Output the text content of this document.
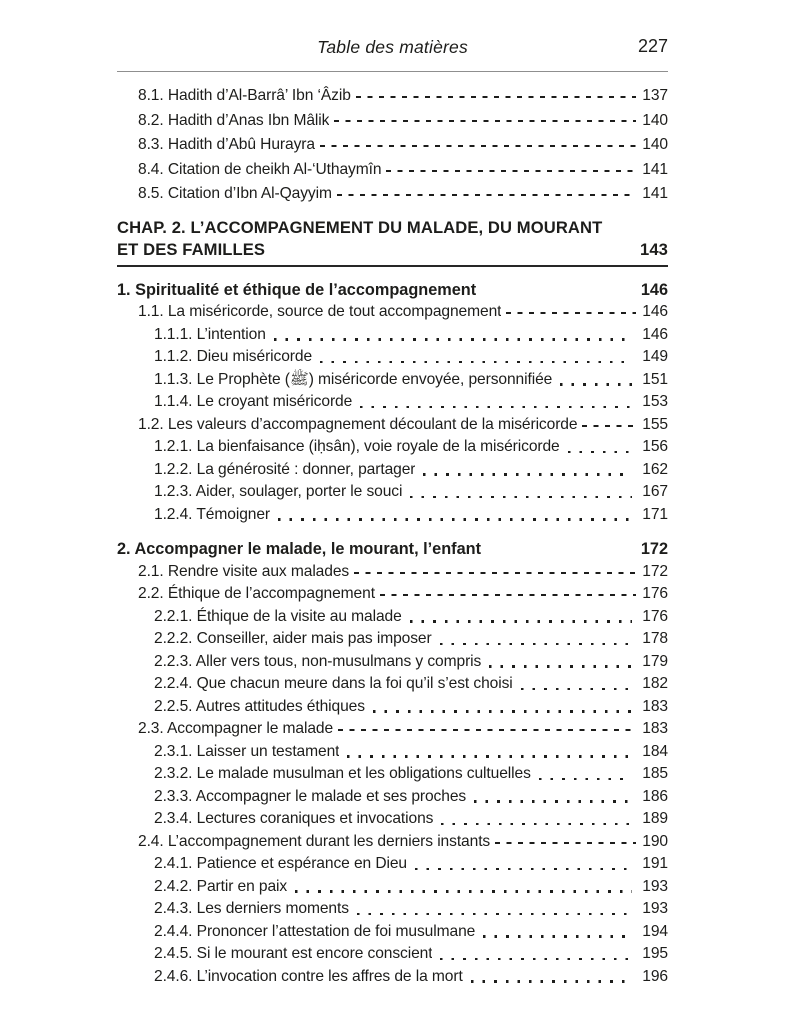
Table des matières	227
8.1. Hadith d’Al-Barrâ’ Ibn ‘Âzib	137
8.2. Hadith d’Anas Ibn Mâlik	140
8.3. Hadith d’Abû Hurayra	140
8.4. Citation de cheikh Al-‘Uthaymîn	141
8.5. Citation d’Ibn Al-Qayyim	141
CHAP. 2. L’ACCOMPAGNEMENT DU MALADE, DU MOURANT
ET DES FAMILLES	143
1. Spiritualité et éthique de l’accompagnement	146
1.1. La miséricorde, source de tout accompagnement	146
1.1.1. L’intention	146
1.1.2. Dieu miséricorde	149
1.1.3. Le Prophète (ﷺ) miséricorde envoyée, personnifiée	151
1.1.4. Le croyant miséricorde	153
1.2. Les valeurs d’accompagnement découlant de la miséricorde	155
1.2.1. La bienfaisance (iḥsân), voie royale de la miséricorde	156
1.2.2. La générosité : donner, partager	162
1.2.3. Aider, soulager, porter le souci	167
1.2.4. Témoigner	171
2. Accompagner le malade, le mourant, l’enfant	172
2.1. Rendre visite aux malades	172
2.2. Éthique de l’accompagnement	176
2.2.1. Éthique de la visite au malade	176
2.2.2. Conseiller, aider mais pas imposer	178
2.2.3. Aller vers tous, non-musulmans y compris	179
2.2.4. Que chacun meure dans la foi qu’il s’est choisi	182
2.2.5. Autres attitudes éthiques	183
2.3. Accompagner le malade	183
2.3.1. Laisser un testament	184
2.3.2. Le malade musulman et les obligations cultuelles	185
2.3.3. Accompagner le malade et ses proches	186
2.3.4. Lectures coraniques et invocations	189
2.4. L’accompagnement durant les derniers instants	190
2.4.1. Patience et espérance en Dieu	191
2.4.2. Partir en paix	193
2.4.3. Les derniers moments	193
2.4.4. Prononcer l’attestation de foi musulmane	194
2.4.5. Si le mourant est encore conscient	195
2.4.6. L’invocation contre les affres de la mort	196
